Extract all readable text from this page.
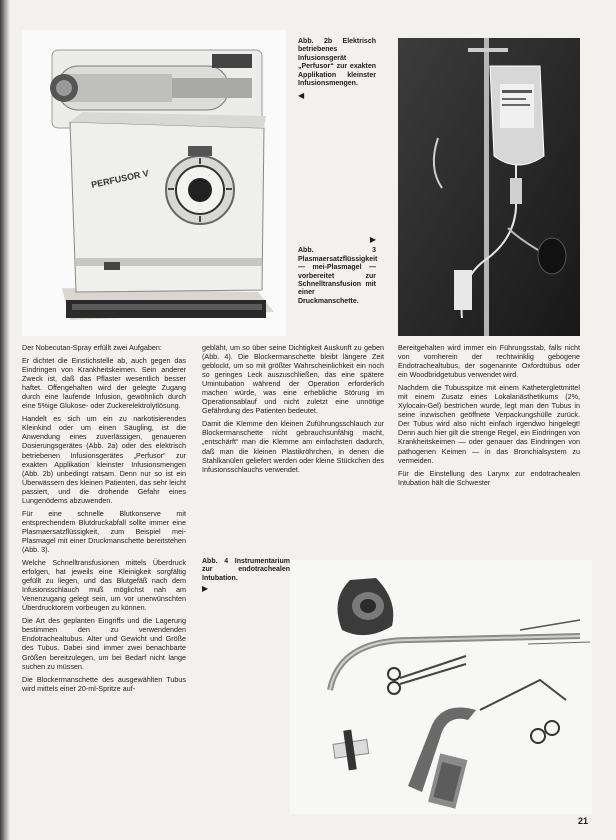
PERFUSOR V
Abb. 2b Elektrisch betriebenes Infusionsgerät „Perfusor“ zur exakten Applikation kleinster Infusionsmengen.
◀
▶
Abb. 3 Plasmaersatzflüssigkeit — mei-Plasmagel — vorbereitet zur Schnelltransfusion mit einer Druckmanschette.

Der Nobecutan-Spray erfüllt zwei Aufgaben:

Er dichtet die Einstichstelle ab, auch gegen das Eindringen von Krankheitskeimen. Sein anderer Zweck ist, daß das Pflaster wesentlich besser haftet. Offengehalten wird der gelegte Zugang durch eine laufende Infusion, gewöhnlich durch eine 5%ige Glukose- oder Zuckerelektrolytlösung.

Handelt es sich um ein zu narkotisierendes Kleinkind oder um einen Säugling, ist die Anwendung eines zuverlässigen, genaueren Dosierungsgerätes (Abb. 2a) oder des elektrisch betriebenen Infusionsgerätes „Perfusor“ zur exakten Applikation kleinster Infusionsmengen (Abb. 2b) unbedingt ratsam. Denn nur so ist ein Überwässern des kleinen Patienten, das sehr leicht passiert, und die drohende Gefahr eines Lungenödems abzuwenden.

Für eine schnelle Blutkonserve mit entsprechendem Blutdruckabfall sollte immer eine Plasmaersatzflüssigkeit, zum Beispiel mei-Plasmagel mit einer Druckmanschette bereitstehen (Abb. 3).

Welche Schnelltransfusionen mittels Überdruck erfolgen, hat jeweils eine Kleinigkeit sorgfältig gefüllt zu liegen, und das Blutgefäß nach dem Infusionsschlauch muß möglichst nah am Venenzugang gelegt sein, um vor unerwünschten Überdrucktorem vorbeugen zu können.

Die Art des geplanten Eingriffs und die Lagerung bestimmen den zu verwendenden Endotrachealtubus. Alter und Gewicht und Größe des Tubus. Dabei sind immer zwei benachbarte Größen bereitzulegen, um bei Bedarf nicht lange suchen zu müssen.

Die Blockermanschette des ausgewählten Tubus wird mittels einer 20-ml-Spritze auf-

gebläht, um so über seine Dichtigkeit Auskunft zu geben (Abb. 4). Die Blockermanschette bleibt längere Zeit geblockt, um so mit größter Wahrscheinlichkeit ein noch so geringes Leck auszuschließen, das eine spätere Umintubation während der Operation erforderlich machen würde, was eine erhebliche Störung im Operationsablauf und nicht zuletzt eine unnötige Gefährdung des Patienten bedeutet.

Damit die Klemme den kleinen Zuführungsschlauch zur Blockermanschette nicht gebrauchsunfähig macht, „entschärft“ man die Klemme am einfachsten dadurch, daß man die kleinen Plastikröhrchen, in denen die Stahlkanülen geliefert werden oder kleine Stückchen des Infusionsschlauchs verwendet.

Bereitgehalten wird immer ein Führungsstab, falls nicht von vornherein der rechtwinklig gebogene Endotrachealtubus, der sogenannte Oxfordtubus oder ein Woodbridgetubus verwendet wird.

Nachdem die Tubusspitze mit einem Katheterglettmittel mit einem Zusatz eines Lokalanästhetikums (2%, Xylocain-Gel) bestrichen wurde, legt man den Tubus in seine inzwischen geöffnete Verpackungshülle zurück. Der Tubus wird also nicht einfach irgendwo hingelegt! Denn auch hier gilt die strenge Regel, ein Eindringen von Krankheitskeimen — oder genauer das Eindringen von pathogenen Keimen — in das Bronchialsystem zu vermeiden.

Für die Einstellung des Larynx zur endotrachealen Intubation hält die Schwester

Abb. 4 Instrumentarium zur endotrachealen Intubation.
▶
21
